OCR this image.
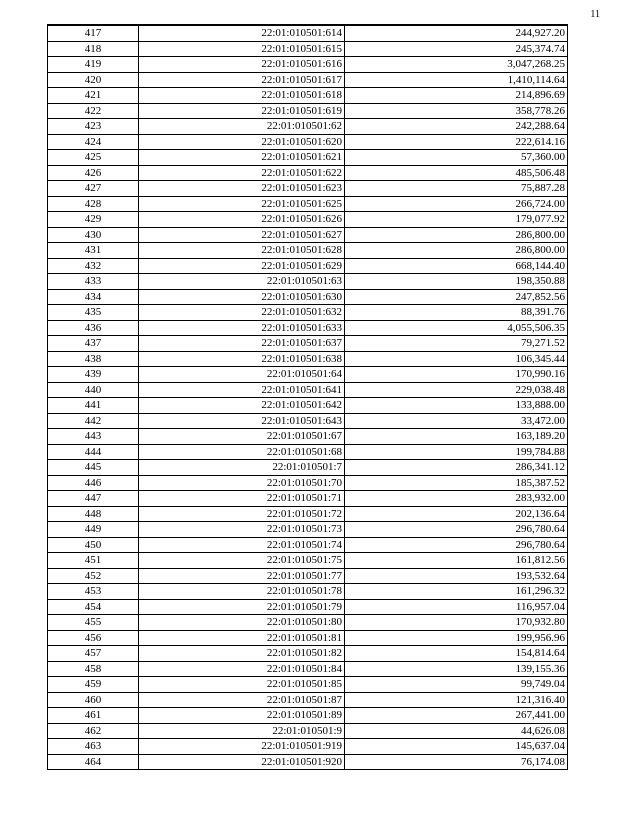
11
417	22:01:010501:614	244,927.20
418	22:01:010501:615	245,374.74
419	22:01:010501:616	3,047,268.25
420	22:01:010501:617	1,410,114.64
421	22:01:010501:618	214,896.69
422	22:01:010501:619	358,778.26
423	22:01:010501:62	242,288.64
424	22:01:010501:620	222,614.16
425	22:01:010501:621	57,360.00
426	22:01:010501:622	485,506.48
427	22:01:010501:623	75,887.28
428	22:01:010501:625	266,724.00
429	22:01:010501:626	179,077.92
430	22:01:010501:627	286,800.00
431	22:01:010501:628	286,800.00
432	22:01:010501:629	668,144.40
433	22:01:010501:63	198,350.88
434	22:01:010501:630	247,852.56
435	22:01:010501:632	88,391.76
436	22:01:010501:633	4,055,506.35
437	22:01:010501:637	79,271.52
438	22:01:010501:638	106,345.44
439	22:01:010501:64	170,990.16
440	22:01:010501:641	229,038.48
441	22:01:010501:642	133,888.00
442	22:01:010501:643	33,472.00
443	22:01:010501:67	163,189.20
444	22:01:010501:68	199,784.88
445	22:01:010501:7	286,341.12
446	22:01:010501:70	185,387.52
447	22:01:010501:71	283,932.00
448	22:01:010501:72	202,136.64
449	22:01:010501:73	296,780.64
450	22:01:010501:74	296,780.64
451	22:01:010501:75	161,812.56
452	22:01:010501:77	193,532.64
453	22:01:010501:78	161,296.32
454	22:01:010501:79	116,957.04
455	22:01:010501:80	170,932.80
456	22:01:010501:81	199,956.96
457	22:01:010501:82	154,814.64
458	22:01:010501:84	139,155.36
459	22:01:010501:85	99,749.04
460	22:01:010501:87	121,316.40
461	22:01:010501:89	267,441.00
462	22:01:010501:9	44,626.08
463	22:01:010501:919	145,637.04
464	22:01:010501:920	76,174.08
